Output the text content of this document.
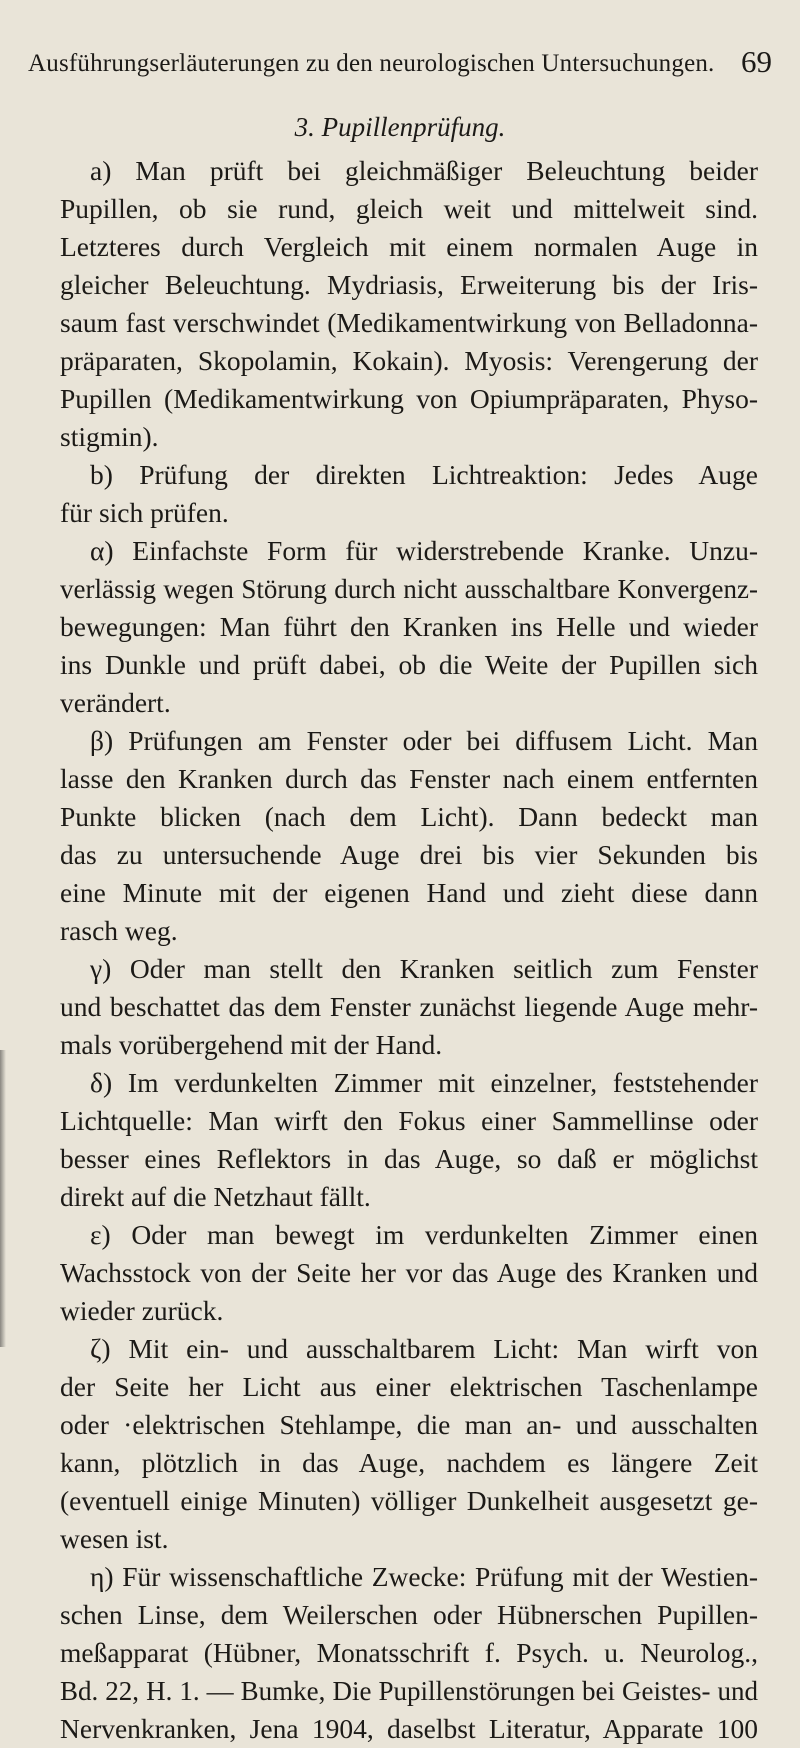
Ausführungserläuterungen zu den neurologischen Untersuchungen. 69
3. Pupillenprüfung.
a) Man prüft bei gleichmäßiger Beleuchtung beider
Pupillen, ob sie rund, gleich weit und mittelweit sind.
Letzteres durch Vergleich mit einem normalen Auge in
gleicher Beleuchtung. Mydriasis, Erweiterung bis der Iris-
saum fast verschwindet (Medikamentwirkung von Belladonna-
präparaten, Skopolamin, Kokain). Myosis: Verengerung der
Pupillen (Medikamentwirkung von Opiumpräparaten, Physo-
stigmin).
b) Prüfung der direkten Lichtreaktion: Jedes Auge
für sich prüfen.
α) Einfachste Form für widerstrebende Kranke. Unzu-
verlässig wegen Störung durch nicht ausschaltbare Konvergenz-
bewegungen: Man führt den Kranken ins Helle und wieder
ins Dunkle und prüft dabei, ob die Weite der Pupillen sich
verändert.
β) Prüfungen am Fenster oder bei diffusem Licht. Man
lasse den Kranken durch das Fenster nach einem entfernten
Punkte blicken (nach dem Licht). Dann bedeckt man
das zu untersuchende Auge drei bis vier Sekunden bis
eine Minute mit der eigenen Hand und zieht diese dann
rasch weg.
γ) Oder man stellt den Kranken seitlich zum Fenster
und beschattet das dem Fenster zunächst liegende Auge mehr-
mals vorübergehend mit der Hand.
δ) Im verdunkelten Zimmer mit einzelner, feststehender
Lichtquelle: Man wirft den Fokus einer Sammellinse oder
besser eines Reflektors in das Auge, so daß er möglichst
direkt auf die Netzhaut fällt.
ε) Oder man bewegt im verdunkelten Zimmer einen
Wachsstock von der Seite her vor das Auge des Kranken und
wieder zurück.
ζ) Mit ein- und ausschaltbarem Licht: Man wirft von
der Seite her Licht aus einer elektrischen Taschenlampe
oder ·elektrischen Stehlampe, die man an- und ausschalten
kann, plötzlich in das Auge, nachdem es längere Zeit
(eventuell einige Minuten) völliger Dunkelheit ausgesetzt ge-
wesen ist.
η) Für wissenschaftliche Zwecke: Prüfung mit der Westien-
schen Linse, dem Weilerschen oder Hübnerschen Pupillen-
meßapparat (Hübner, Monatsschrift f. Psych. u. Neurolog.,
Bd. 22, H. 1. — Bumke, Die Pupillenstörungen bei Geistes- und
Nervenkranken, Jena 1904, daselbst Literatur, Apparate 100
